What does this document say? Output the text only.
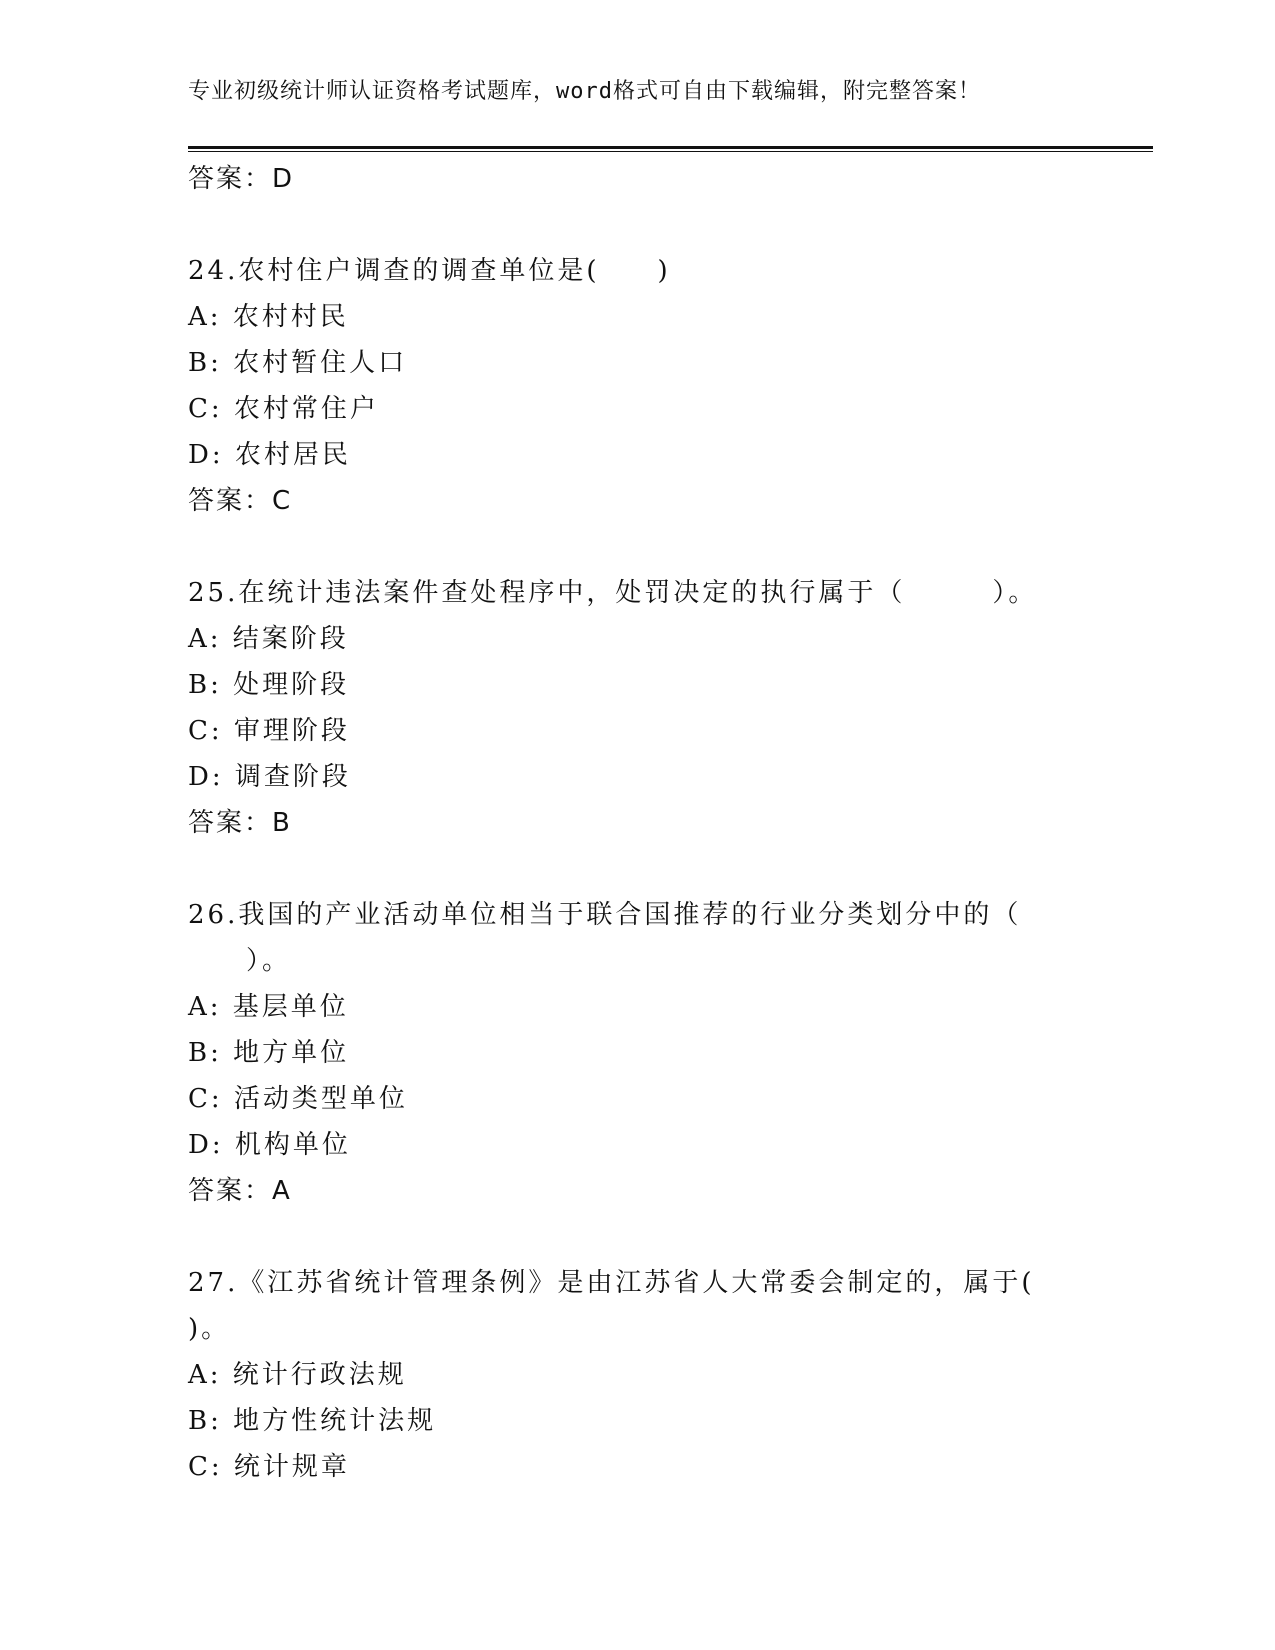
专业初级统计师认证资格考试题库，word格式可自由下载编辑，附完整答案！
答案：D
24.农村住户调查的调查单位是(　　)
A: 农村村民
B: 农村暂住人口
C: 农村常住户
D: 农村居民
答案：C
25.在统计违法案件查处程序中，处罚决定的执行属于（　　　）。
A: 结案阶段
B: 处理阶段
C: 审理阶段
D: 调查阶段
答案：B
26.我国的产业活动单位相当于联合国推荐的行业分类划分中的（
　　）。
A: 基层单位
B: 地方单位
C: 活动类型单位
D: 机构单位
答案：A
27.《江苏省统计管理条例》是由江苏省人大常委会制定的，属于(
)。
A: 统计行政法规
B: 地方性统计法规
C: 统计规章
